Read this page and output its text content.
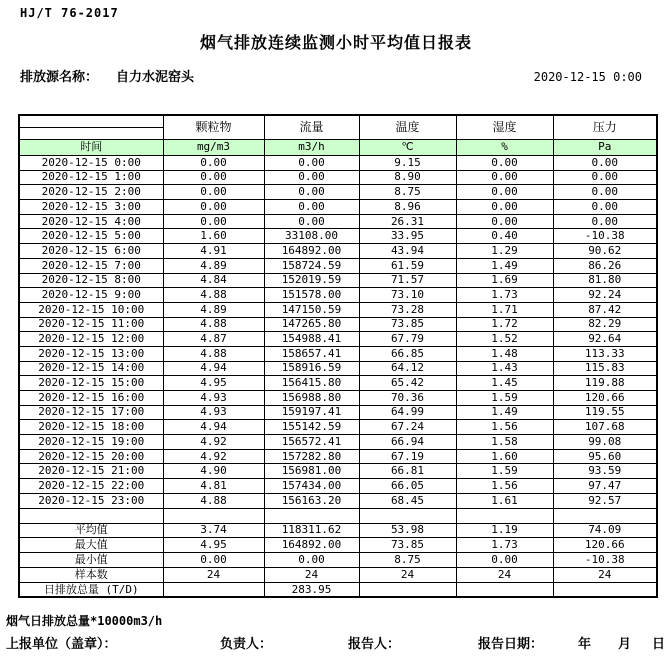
HJ/T 76-2017
烟气排放连续监测小时平均值日报表
排放源名称： 自力水泥窑头	2020-12-15 0:00
	颗粒物	流量	温度	湿度	压力
时间	mg/m3	m3/h	℃	%	Pa
2020-12-15 0:00	0.00	0.00	9.15	0.00	0.00
2020-12-15 1:00	0.00	0.00	8.90	0.00	0.00
2020-12-15 2:00	0.00	0.00	8.75	0.00	0.00
2020-12-15 3:00	0.00	0.00	8.96	0.00	0.00
2020-12-15 4:00	0.00	0.00	26.31	0.00	0.00
2020-12-15 5:00	1.60	33108.00	33.95	0.40	-10.38
2020-12-15 6:00	4.91	164892.00	43.94	1.29	90.62
2020-12-15 7:00	4.89	158724.59	61.59	1.49	86.26
2020-12-15 8:00	4.84	152019.59	71.57	1.69	81.80
2020-12-15 9:00	4.88	151578.00	73.10	1.73	92.24
2020-12-15 10:00	4.89	147150.59	73.28	1.71	87.42
2020-12-15 11:00	4.88	147265.80	73.85	1.72	82.29
2020-12-15 12:00	4.87	154988.41	67.79	1.52	92.64
2020-12-15 13:00	4.88	158657.41	66.85	1.48	113.33
2020-12-15 14:00	4.94	158916.59	64.12	1.43	115.83
2020-12-15 15:00	4.95	156415.80	65.42	1.45	119.88
2020-12-15 16:00	4.93	156988.80	70.36	1.59	120.66
2020-12-15 17:00	4.93	159197.41	64.99	1.49	119.55
2020-12-15 18:00	4.94	155142.59	67.24	1.56	107.68
2020-12-15 19:00	4.92	156572.41	66.94	1.58	99.08
2020-12-15 20:00	4.92	157282.80	67.19	1.60	95.60
2020-12-15 21:00	4.90	156981.00	66.81	1.59	93.59
2020-12-15 22:00	4.81	157434.00	66.05	1.56	97.47
2020-12-15 23:00	4.88	156163.20	68.45	1.61	92.57

平均值	3.74	118311.62	53.98	1.19	74.09
最大值	4.95	164892.00	73.85	1.73	120.66
最小值	0.00	0.00	8.75	0.00	-10.38
样本数	24	24	24	24	24
日排放总量 (T/D)		283.95			
烟气日排放总量*10000m3/h
上报单位（盖章）：	负责人：	报告人：	报告日期：	年 月 日
